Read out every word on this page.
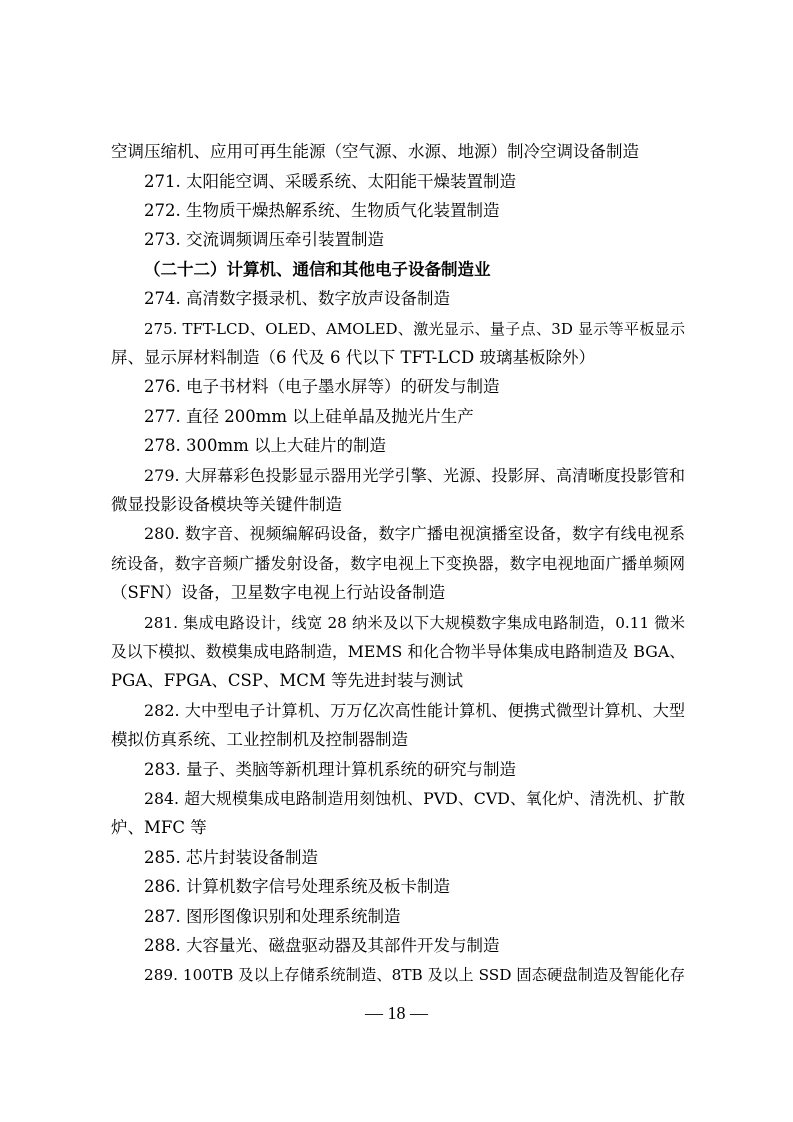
空调压缩机、应用可再生能源（空气源、水源、地源）制冷空调设备制造
271. 太阳能空调、采暖系统、太阳能干燥装置制造
272. 生物质干燥热解系统、生物质气化装置制造
273. 交流调频调压牵引装置制造
（二十二）计算机、通信和其他电子设备制造业
274. 高清数字摄录机、数字放声设备制造
275. TFT-LCD、OLED、AMOLED、激光显示、量子点、3D 显示等平板显示
屏、显示屏材料制造（6 代及 6 代以下 TFT-LCD 玻璃基板除外）
276. 电子书材料（电子墨水屏等）的研发与制造
277. 直径 200mm 以上硅单晶及抛光片生产
278. 300mm 以上大硅片的制造
279. 大屏幕彩色投影显示器用光学引擎、光源、投影屏、高清晰度投影管和
微显投影设备模块等关键件制造
280. 数字音、视频编解码设备，数字广播电视演播室设备，数字有线电视系
统设备，数字音频广播发射设备，数字电视上下变换器，数字电视地面广播单频网
（SFN）设备，卫星数字电视上行站设备制造
281. 集成电路设计，线宽 28 纳米及以下大规模数字集成电路制造，0.11 微米
及以下模拟、数模集成电路制造，MEMS 和化合物半导体集成电路制造及 BGA、
PGA、FPGA、CSP、MCM 等先进封装与测试
282. 大中型电子计算机、万万亿次高性能计算机、便携式微型计算机、大型
模拟仿真系统、工业控制机及控制器制造
283. 量子、类脑等新机理计算机系统的研究与制造
284. 超大规模集成电路制造用刻蚀机、PVD、CVD、氧化炉、清洗机、扩散
炉、MFC 等
285. 芯片封装设备制造
286. 计算机数字信号处理系统及板卡制造
287. 图形图像识别和处理系统制造
288. 大容量光、磁盘驱动器及其部件开发与制造
289. 100TB 及以上存储系统制造、8TB 及以上 SSD 固态硬盘制造及智能化存
— 18 —
